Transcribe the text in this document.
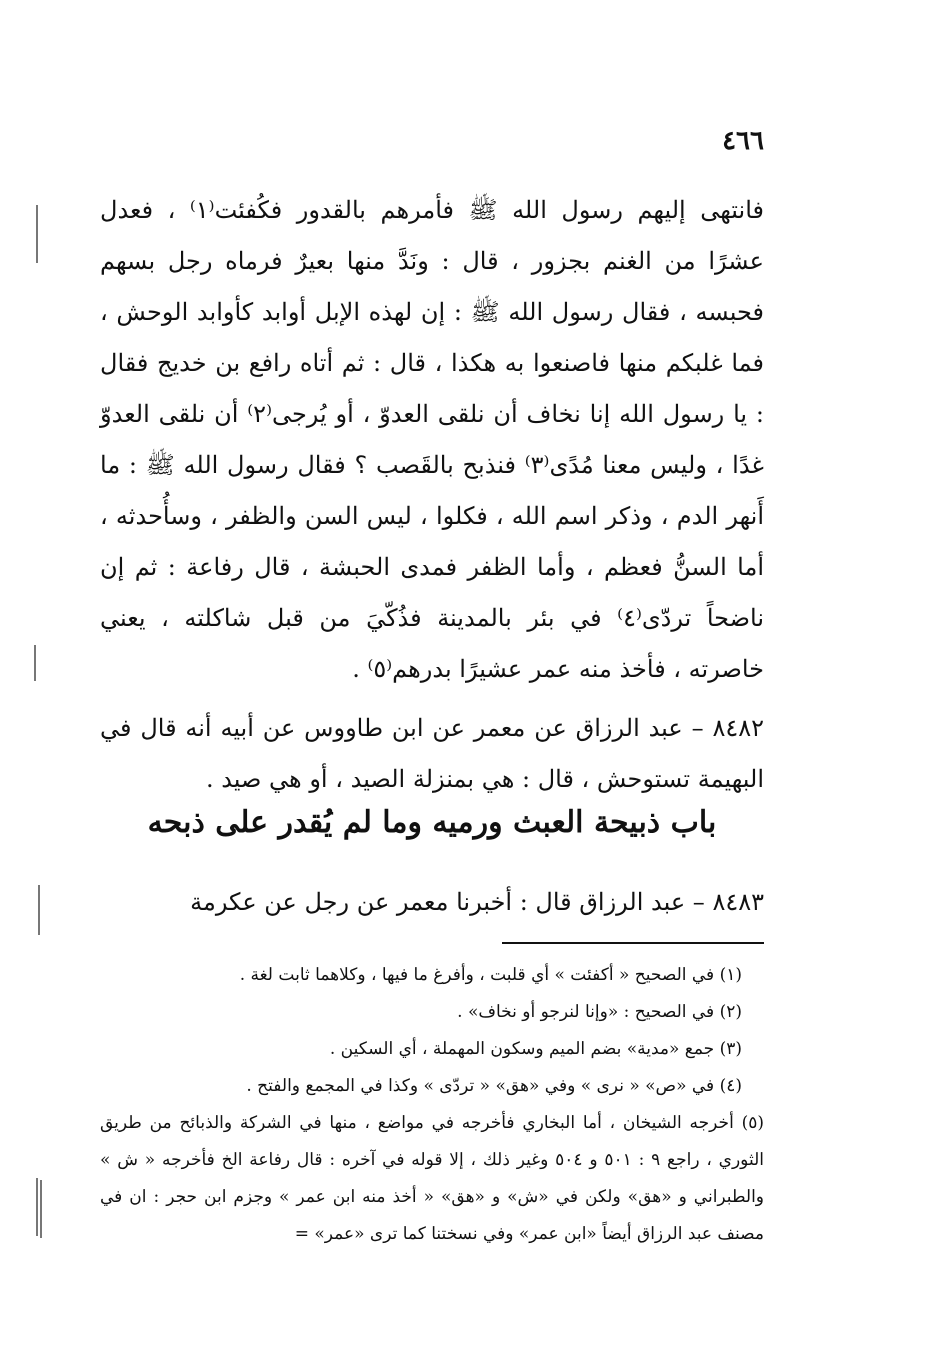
٤٦٦

فانتهى إليهم رسول الله ﷺ فأمرهم بالقدور فكُفئت⁽١⁾ ، فعدل عشرًا من الغنم بجزور ، قال : ونَدَّ منها بعيرٌ فرماه رجل بسهم فحبسه ، فقال رسول الله ﷺ : إن لهذه الإبل أوابد كأوابد الوحش ، فما غلبكم منها فاصنعوا به هكذا ، قال : ثم أتاه رافع بن خديج فقال : يا رسول الله إنا نخاف أن نلقى العدوّ ، أو يُرجى⁽٢⁾ أن نلقى العدوّ غدًا ، وليس معنا مُدًى⁽٣⁾ فنذبح بالقَصب ؟ فقال رسول الله ﷺ : ما أَنهر الدم ، وذكر اسم الله ، فكلوا ، ليس السن والظفر ، وسأُحدثه ، أما السنُّ فعظم ، وأما الظفر فمدى الحبشة ، قال رفاعة : ثم إن ناضحاً تردّى⁽٤⁾ في بئر بالمدينة فذُكّيَ من قبل شاكلته ، يعني خاصرته ، فأخذ منه عمر عشيرًا بدرهم⁽٥⁾ .

٨٤٨٢ – عبد الرزاق عن معمر عن ابن طاووس عن أبيه أنه قال في البهيمة تستوحش ، قال : هي بمنزلة الصيد ، أو هي صيد .

باب ذبيحة العبث ورميه وما لم يُقدر على ذبحه
٨٤٨٣ – عبد الرزاق قال : أخبرنا معمر عن رجل عن عكرمة

(١) في الصحيح « أكفئت » أي قلبت ، وأفرغ ما فيها ، وكلاهما ثابت لغة .

(٢) في الصحيح : «وإنا لنرجو أو نخاف» .

(٣) جمع «مدية» بضم الميم وسكون المهملة ، أي السكين .

(٤) في «ص» « نرى » وفي «هق» « تردّى » وكذا في المجمع والفتح .

(٥) أخرجه الشيخان ، أما البخاري فأخرجه في مواضع ، منها في الشركة والذبائح من طريق الثوري ، راجع ٩ : ٥٠١ و ٥٠٤ وغير ذلك ، إلا قوله في آخره : قال رفاعة الخ فأخرجه « ش » والطبراني و «هق» ولكن في «ش» و «هق» « أخذ منه ابن عمر » وجزم ابن حجر : ان في مصنف عبد الرزاق أيضاً «ابن عمر» وفي نسختنا كما ترى «عمر» =
